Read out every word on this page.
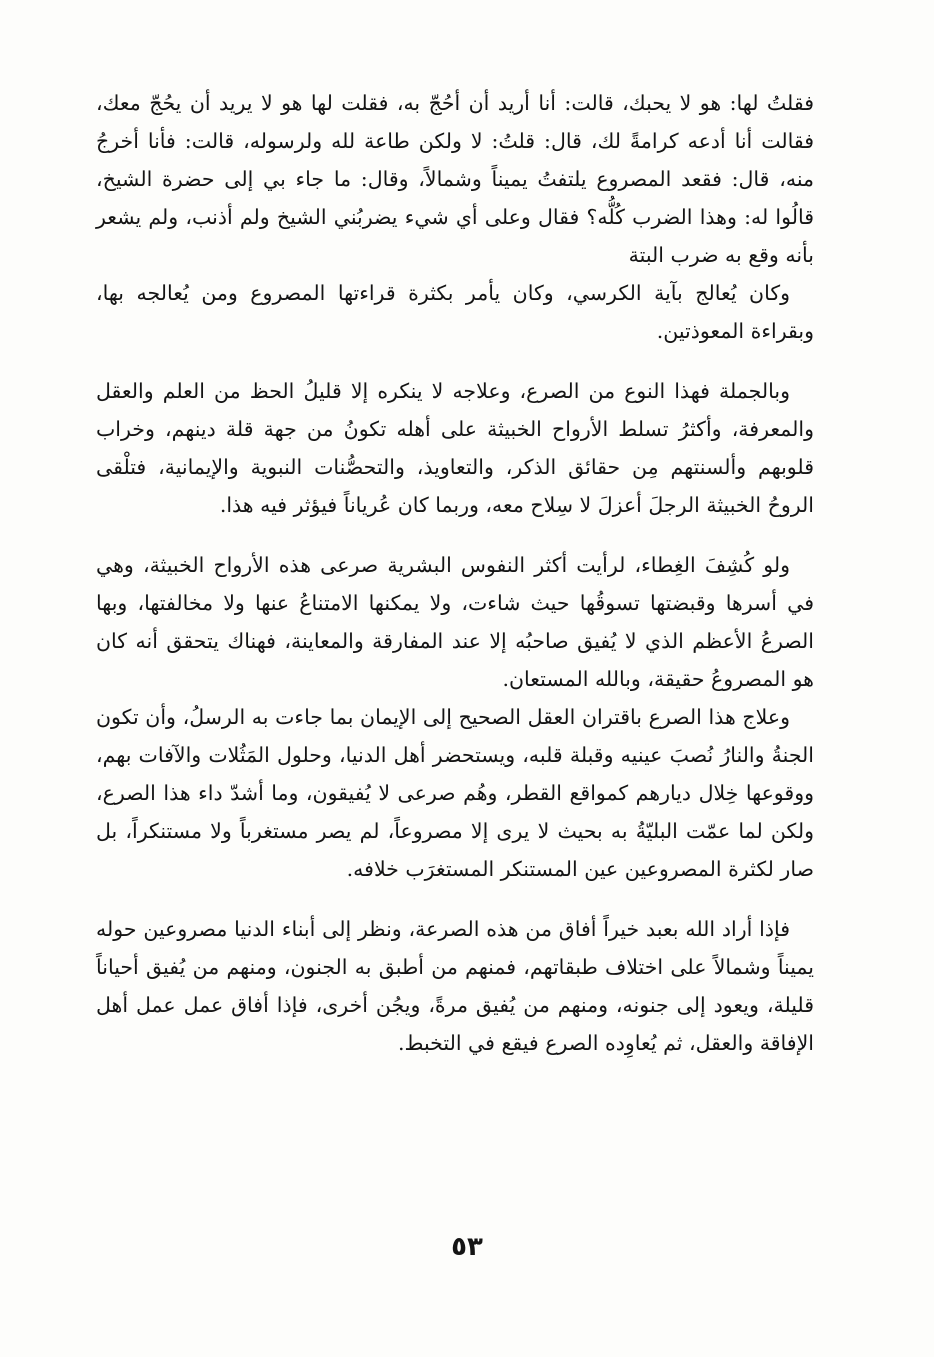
فقلتُ لها: هو لا يحبك، قالت: أنا أريد أن أحُجّ به، فقلت لها هو لا يريد أن يحُجّ معك، فقالت أنا أدعه كرامةً لك، قال: قلتُ: لا ولكن طاعة لله ولرسوله، قالت: فأنا أخرجُ منه، قال: فقعد المصروع يلتفتُ يميناً وشمالاً، وقال: ما جاء بي إلى حضرة الشيخ، قالُوا له: وهذا الضرب كُلُّه؟ فقال وعلى أي شيء يضربُني الشيخ ولم أذنب، ولم يشعر بأنه وقع به ضرب البتة

وكان يُعالج بآية الكرسي، وكان يأمر بكثرة قراءتها المصروع ومن يُعالجه بها، وبقراءة المعوذتين.

وبالجملة فهذا النوع من الصرع، وعلاجه لا ينكره إلا قليلُ الحظ من العلم والعقل والمعرفة، وأكثرُ تسلط الأرواح الخبيثة على أهله تكونُ من جهة قلة دينهم، وخراب قلوبهم وألسنتهم مِن حقائق الذكر، والتعاويذ، والتحصُّنات النبوية والإيمانية، فتلْقى الروحُ الخبيثة الرجلَ أعزلَ لا سِلاح معه، وربما كان عُرياناً فيؤثر فيه هذا.

ولو كُشِفَ الغِطاء، لرأيت أكثر النفوس البشرية صرعى هذه الأرواح الخبيثة، وهي في أسرها وقبضتها تسوقُها حيث شاءت، ولا يمكنها الامتناعُ عنها ولا مخالفتها، وبها الصرعُ الأعظم الذي لا يُفيق صاحبُه إلا عند المفارقة والمعاينة، فهناك يتحقق أنه كان هو المصروعُ حقيقة، وبالله المستعان.

وعلاج هذا الصرع باقتران العقل الصحيح إلى الإيمان بما جاءت به الرسلُ، وأن تكون الجنةُ والنارُ نُصبَ عينيه وقبلة قلبه، ويستحضر أهل الدنيا، وحلول المَثُلات والآفات بهم، ووقوعها خِلال ديارهم كمواقع القطر، وهُم صرعى لا يُفيقون، وما أشدّ داء هذا الصرع، ولكن لما عمّت البليّةُ به بحيث لا يرى إلا مصروعاً، لم يصر مستغرباً ولا مستنكراً، بل صار لكثرة المصروعين عين المستنكر المستغرَب خلافه.

فإذا أراد الله بعبد خيراً أفاق من هذه الصرعة، ونظر إلى أبناء الدنيا مصروعين حوله يميناً وشمالاً على اختلاف طبقاتهم، فمنهم من أطبق به الجنون، ومنهم من يُفيق أحياناً قليلة، ويعود إلى جنونه، ومنهم من يُفيق مرةً، ويجُن أخرى، فإذا أفاق عمل عمل أهل الإفاقة والعقل، ثم يُعاوِده الصرع فيقع في التخبط.

٥٣
